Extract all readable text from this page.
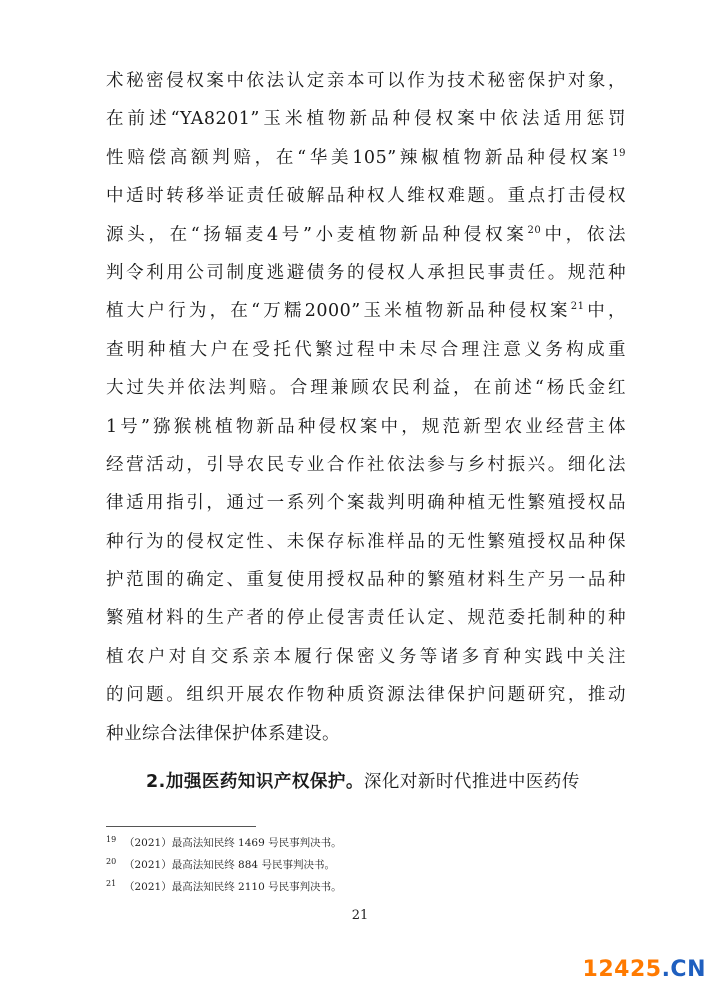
术秘密侵权案中依法认定亲本可以作为技术秘密保护对象，
在前述“YA8201”玉米植物新品种侵权案中依法适用惩罚
性赔偿高额判赔，在“华美105”辣椒植物新品种侵权案$^{19}$
中适时转移举证责任破解品种权人维权难题。重点打击侵权
源头，在“扬辐麦4号”小麦植物新品种侵权案$^{20}$中，依法
判令利用公司制度逃避债务的侵权人承担民事责任。规范种
植大户行为，在“万糯2000”玉米植物新品种侵权案$^{21}$中，
查明种植大户在受托代繁过程中未尽合理注意义务构成重
大过失并依法判赔。合理兼顾农民利益，在前述“杨氏金红
1号”猕猴桃植物新品种侵权案中，规范新型农业经营主体
经营活动，引导农民专业合作社依法参与乡村振兴。细化法
律适用指引，通过一系列个案裁判明确种植无性繁殖授权品
种行为的侵权定性、未保存标准样品的无性繁殖授权品种保
护范围的确定、重复使用授权品种的繁殖材料生产另一品种
繁殖材料的生产者的停止侵害责任认定、规范委托制种的种
植农户对自交系亲本履行保密义务等诸多育种实践中关注
的问题。组织开展农作物种质资源法律保护问题研究，推动
种业综合法律保护体系建设。
2.加强医药知识产权保护。深化对新时代推进中医药传
$^{19}$ （2021）最高法知民终 1469 号民事判决书。
$^{20}$ （2021）最高法知民终 884 号民事判决书。
$^{21}$ （2021）最高法知民终 2110 号民事判决书。
21
12425.CN
